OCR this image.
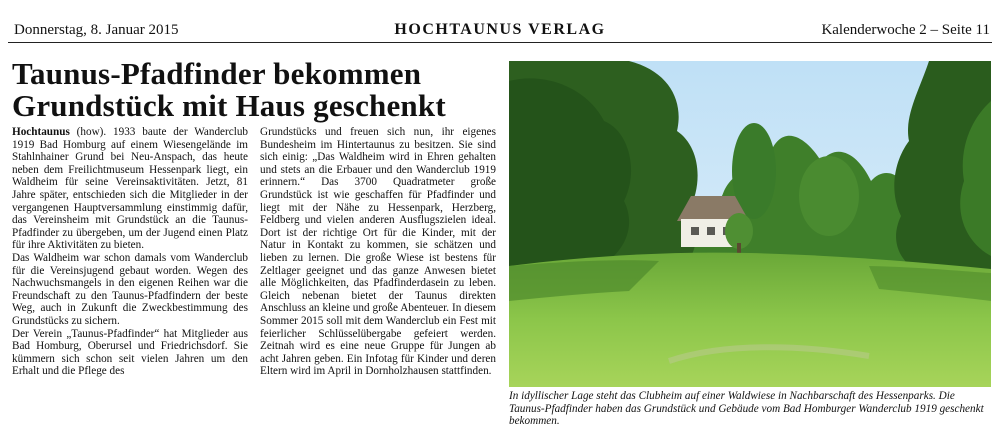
Donnerstag, 8. Januar 2015	HOCHTAUNUS VERLAG	Kalenderwoche 2 – Seite 11
Taunus-Pfadfinder bekommen
Grundstück mit Haus geschenkt

Hochtaunus (how). 1933 baute der Wanderclub 1919 Bad Homburg auf einem Wiesengelände im Stahlnhainer Grund bei Neu-Anspach, das heute neben dem Freilichtmuseum Hessenpark liegt, ein Waldheim für seine Vereinsaktivitäten. Jetzt, 81 Jahre später, entschieden sich die Mitglieder in der vergangenen Hauptversammlung einstimmig dafür, das Vereinsheim mit Grundstück an die Taunus-Pfadfinder zu übergeben, um der Jugend einen Platz für ihre Aktivitäten zu bieten.

Das Waldheim war schon damals vom Wanderclub für die Vereinsjugend gebaut worden. Wegen des Nachwuchsmangels in den eigenen Reihen war die Freundschaft zu den Taunus-Pfadfindern der beste Weg, auch in Zukunft die Zweckbestimmung des Grundstücks zu sichern.

Der Verein „Taunus-Pfadfinder“ hat Mitglieder aus Bad Homburg, Oberursel und Friedrichsdorf. Sie kümmern sich schon seit vielen Jahren um den Erhalt und die Pflege des

Grundstücks und freuen sich nun, ihr eigenes Bundesheim im Hintertaunus zu besitzen. Sie sind sich einig: „Das Waldheim wird in Ehren gehalten und stets an die Erbauer und den Wanderclub 1919 erinnern.“ Das 3700 Quadratmeter große Grundstück ist wie geschaffen für Pfadfinder und liegt mit der Nähe zu Hessenpark, Herzberg, Feldberg und vielen anderen Ausflugszielen ideal. Dort ist der richtige Ort für die Kinder, mit der Natur in Kontakt zu kommen, sie schätzen und lieben zu lernen. Die große Wiese ist bestens für Zeltlager geeignet und das ganze Anwesen bietet alle Möglichkeiten, das Pfadfinderdasein zu leben. Gleich nebenan bietet der Taunus direkten Anschluss an kleine und große Abenteuer. In diesem Sommer 2015 soll mit dem Wanderclub ein Fest mit feierlicher Schlüsselübergabe gefeiert werden. Zeitnah wird es eine neue Gruppe für Jungen ab acht Jahren geben. Ein Infotag für Kinder und deren Eltern wird im April in Dornholzhausen stattfinden.

In idyllischer Lage steht das Clubheim auf einer Waldwiese in Nachbarschaft des Hessenparks. Die Taunus-Pfadfinder haben das Grundstück und Gebäude vom Bad Homburger Wanderclub 1919 geschenkt bekommen.
